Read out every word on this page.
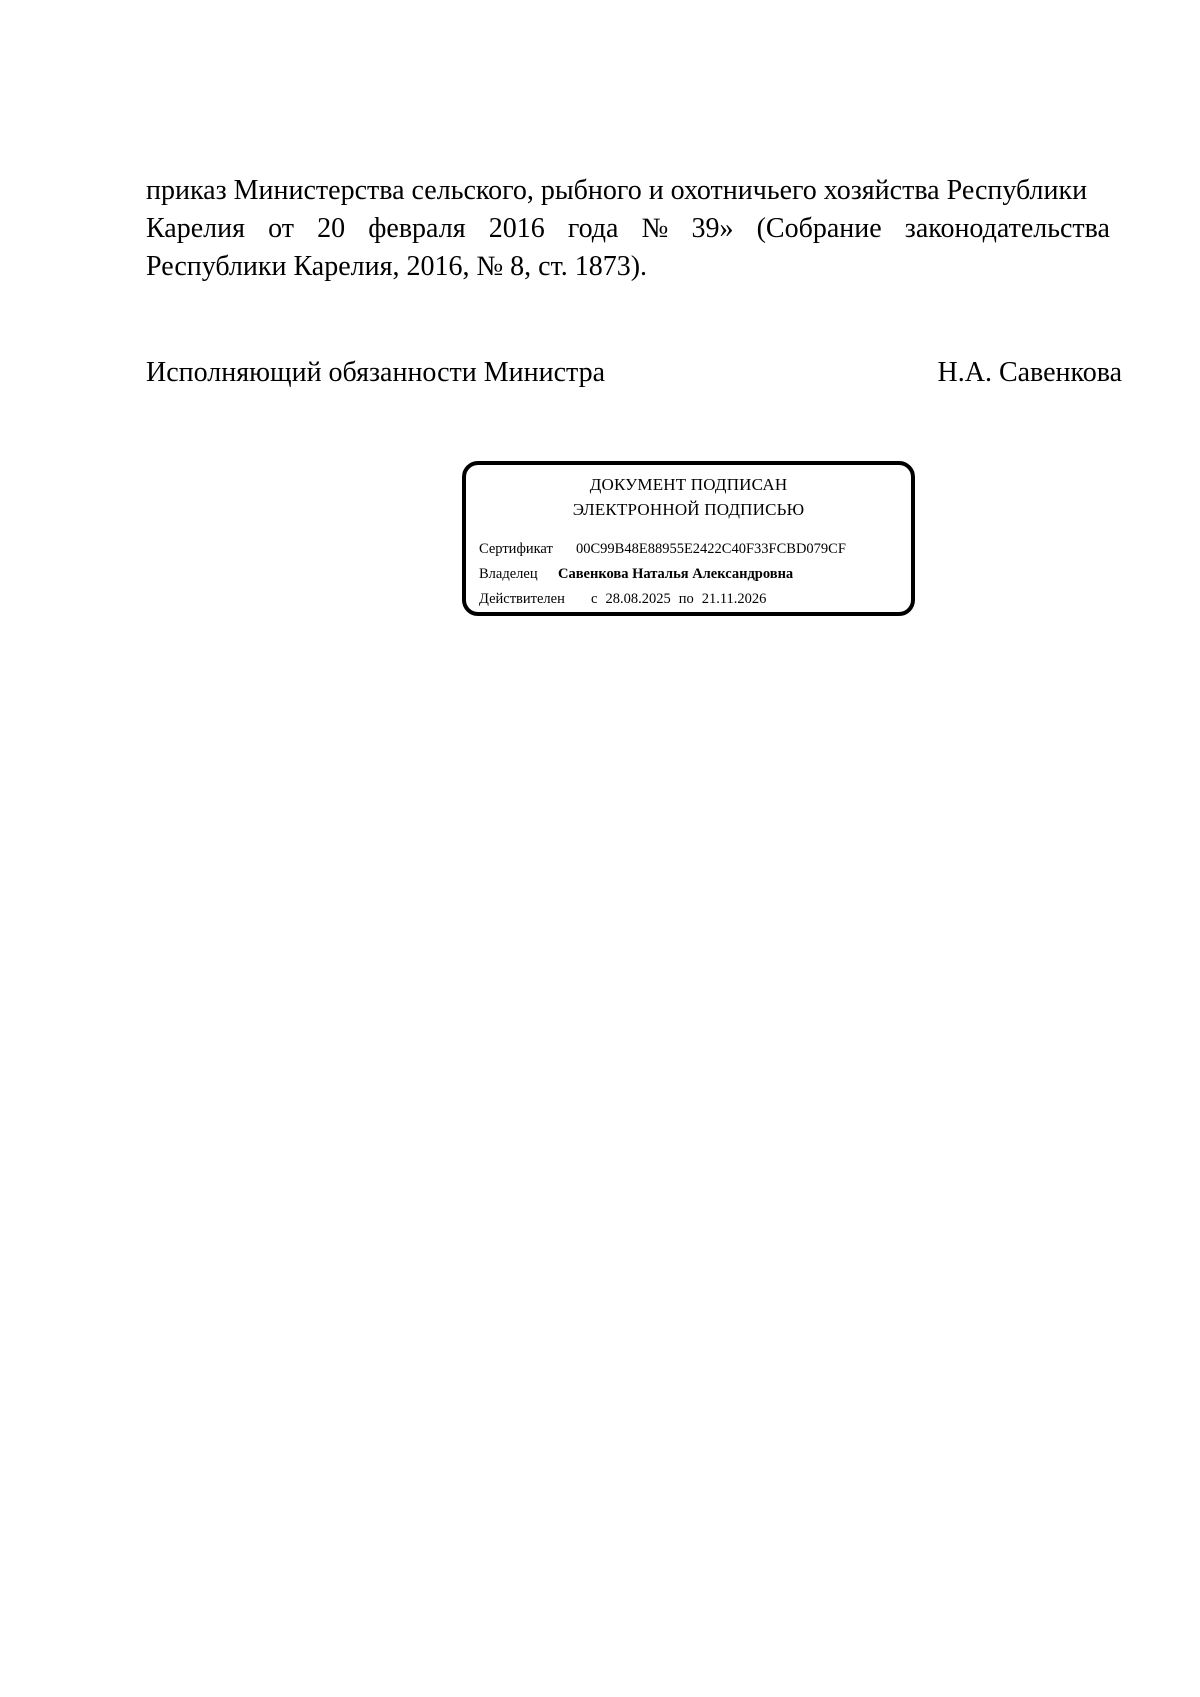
приказ Министерства сельского, рыбного и охотничьего хозяйства Республики
Карелия от 20 февраля 2016 года № 39» (Собрание законодательства
Республики Карелия, 2016, № 8, ст. 1873).
Исполняющий обязанности Министра	Н.А. Савенкова
ДОКУМЕНТ ПОДПИСАН
ЭЛЕКТРОННОЙ ПОДПИСЬЮ
Сертификат 00C99B48E88955E2422C40F33FCBD079CF
Владелец Савенкова Наталья Александровна
Действителен с 28.08.2025 по 21.11.2026
